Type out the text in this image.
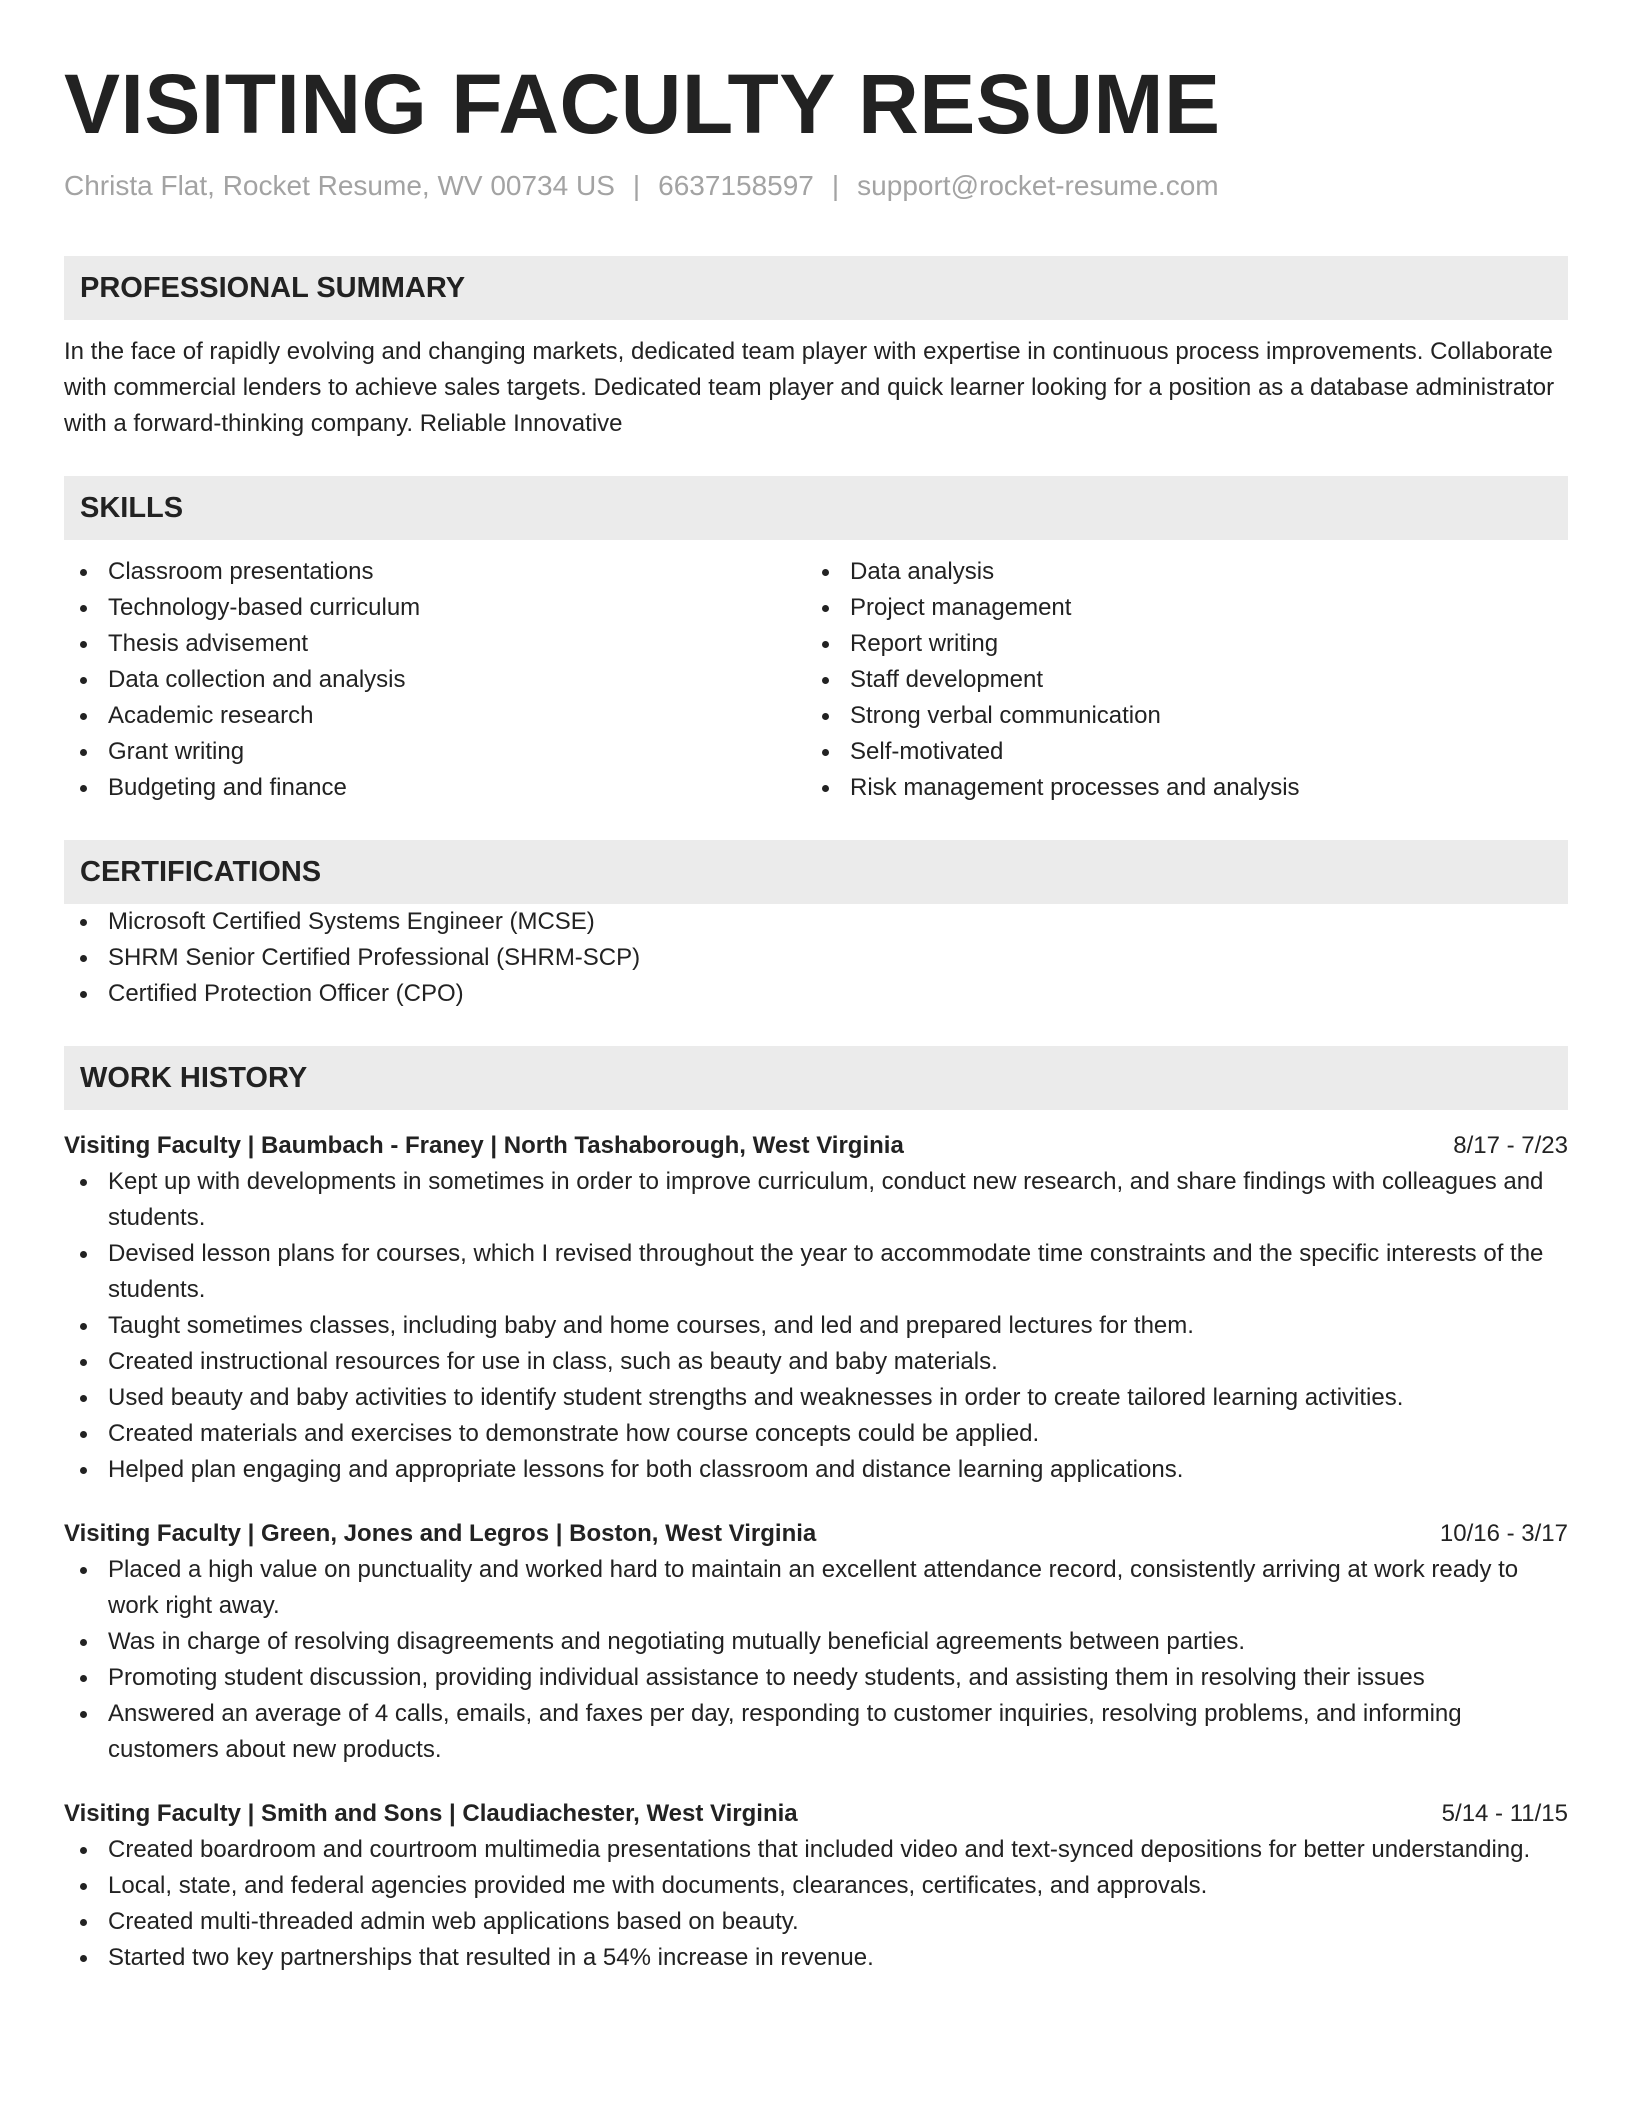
VISITING FACULTY RESUME
Christa Flat, Rocket Resume, WV 00734 US | 6637158597 | support@rocket-resume.com
PROFESSIONAL SUMMARY

In the face of rapidly evolving and changing markets, dedicated team player with expertise in continuous process improvements. Collaborate with commercial lenders to achieve sales targets. Dedicated team player and quick learner looking for a position as a database administrator with a forward-thinking company. Reliable Innovative

SKILLS
Classroom presentations
Technology-based curriculum
Thesis advisement
Data collection and analysis
Academic research
Grant writing
Budgeting and finance
Data analysis
Project management
Report writing
Staff development
Strong verbal communication
Self-motivated
Risk management processes and analysis
CERTIFICATIONS
Microsoft Certified Systems Engineer (MCSE)
SHRM Senior Certified Professional (SHRM-SCP)
Certified Protection Officer (CPO)
WORK HISTORY
Visiting Faculty | Baumbach - Franey | North Tashaborough, West Virginia	8/17 - 7/23
Kept up with developments in sometimes in order to improve curriculum, conduct new research, and share findings with colleagues and students.
Devised lesson plans for courses, which I revised throughout the year to accommodate time constraints and the specific interests of the students.
Taught sometimes classes, including baby and home courses, and led and prepared lectures for them.
Created instructional resources for use in class, such as beauty and baby materials.
Used beauty and baby activities to identify student strengths and weaknesses in order to create tailored learning activities.
Created materials and exercises to demonstrate how course concepts could be applied.
Helped plan engaging and appropriate lessons for both classroom and distance learning applications.
Visiting Faculty | Green, Jones and Legros | Boston, West Virginia	10/16 - 3/17
Placed a high value on punctuality and worked hard to maintain an excellent attendance record, consistently arriving at work ready to work right away.
Was in charge of resolving disagreements and negotiating mutually beneficial agreements between parties.
Promoting student discussion, providing individual assistance to needy students, and assisting them in resolving their issues
Answered an average of 4 calls, emails, and faxes per day, responding to customer inquiries, resolving problems, and informing customers about new products.
Visiting Faculty | Smith and Sons | Claudiachester, West Virginia	5/14 - 11/15
Created boardroom and courtroom multimedia presentations that included video and text-synced depositions for better understanding.
Local, state, and federal agencies provided me with documents, clearances, certificates, and approvals.
Created multi-threaded admin web applications based on beauty.
Started two key partnerships that resulted in a 54% increase in revenue.
